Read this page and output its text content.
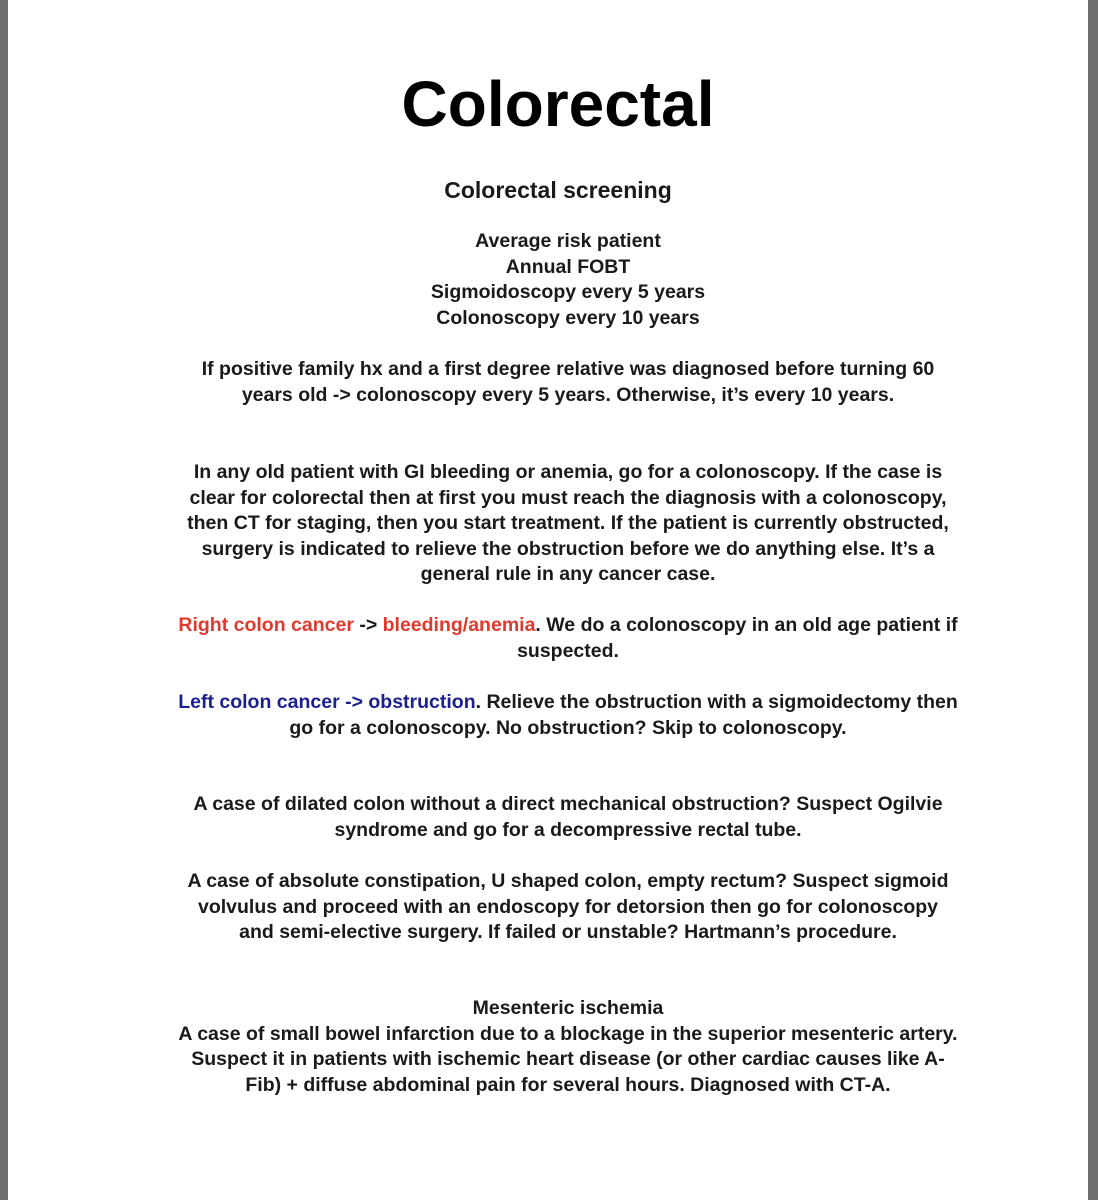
Colorectal
Colorectal screening
Average risk patient
Annual FOBT
Sigmoidoscopy every 5 years
Colonoscopy every 10 years
If positive family hx and a first degree relative was diagnosed before turning 60 years old -> colonoscopy every 5 years. Otherwise, it’s every 10 years.
In any old patient with GI bleeding or anemia, go for a colonoscopy. If the case is clear for colorectal then at first you must reach the diagnosis with a colonoscopy, then CT for staging, then you start treatment. If the patient is currently obstructed, surgery is indicated to relieve the obstruction before we do anything else. It’s a general rule in any cancer case.
Right colon cancer -> bleeding/anemia. We do a colonoscopy in an old age patient if suspected.
Left colon cancer -> obstruction. Relieve the obstruction with a sigmoidectomy then go for a colonoscopy. No obstruction? Skip to colonoscopy.
A case of dilated colon without a direct mechanical obstruction? Suspect Ogilvie syndrome and go for a decompressive rectal tube.
A case of absolute constipation, U shaped colon, empty rectum? Suspect sigmoid volvulus and proceed with an endoscopy for detorsion then go for colonoscopy and semi-elective surgery. If failed or unstable? Hartmann’s procedure.
Mesenteric ischemia
A case of small bowel infarction due to a blockage in the superior mesenteric artery. Suspect it in patients with ischemic heart disease (or other cardiac causes like A-Fib) + diffuse abdominal pain for several hours. Diagnosed with CT-A.
